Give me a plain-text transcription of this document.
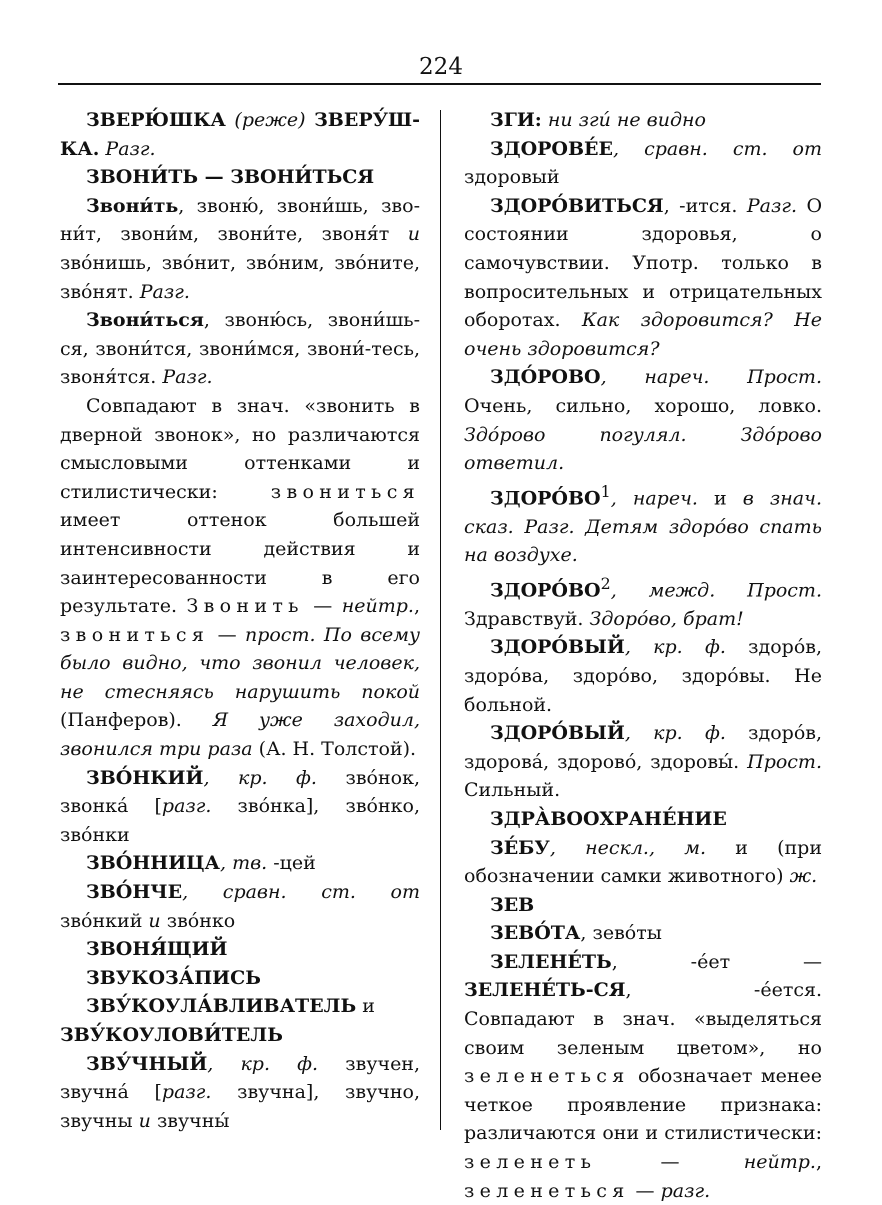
224

ЗВЕРЮ́ШКА (реже) ЗВЕРУ́Ш- КА. Разг.

ЗВОНИ́ТЬ — ЗВОНИ́ТЬСЯ

Звони́ть, звоню́, звони́шь, зво-ни́т, звони́м, звони́те, звоня́т и зво́нишь, зво́нит, зво́ним, зво́ните, зво́нят. Разг.

Звони́ться, звоню́сь, звони́шь-ся, звони́тся, звони́мся, звони́-тесь, звоня́тся. Разг.

Совпадают в знач. «звонить в дверной звонок», но различаются смысловыми оттенками и стилистически:	звониться имеет оттенок большей интенсивности действия и заинтересованности в его результате. Звонить — нейтр., звониться — прост. По всему было видно, что звонил человек, не стесняясь нарушить покой (Панферов). Я уже заходил, звонился три раза (А. Н. Толстой).

ЗВО́НКИЙ, кр. ф. зво́нок, звонка́ [разг. зво́нка], зво́нко, зво́нки

ЗВО́ННИЦА, тв. -цей

ЗВО́НЧЕ, сравн. ст. от зво́нкий и зво́нко

ЗВОНЯ́ЩИЙ

ЗВУКОЗА́ПИСЬ

ЗВУ́КОУЛА́ВЛИВАТЕЛЬ и ЗВУ́КОУЛОВИ́ТЕЛЬ

ЗВУ́ЧНЫЙ, кр. ф. звучен, звучна́ [разг. звучна], звучно, звучны и звучны́

ЗГИ: ни зги́ не видно

ЗДОРОВЕ́Е, сравн. ст. от здоровый

ЗДОРО́ВИТЬСЯ, -ится. Разг. О состоянии здоровья, о самочувствии. Употр. только в вопросительных и отрицательных оборотах. Как здоровится? Не очень здоровится?

ЗДО́РОВО, нареч. Прост. Очень, сильно, хорошо, ловко. Здо́рово погулял. Здо́рово ответил.

$ЗДОРО́ВО^1$, нареч. и в знач. сказ. Разг. Детям здоро́во спать на воздухе.

$ЗДОРО́ВО^2$, межд. Прост. Здравствуй. Здоро́во, брат!

ЗДОРО́ВЫЙ, кр. ф. здоро́в, здоро́ва, здоро́во, здоро́вы. Не больной.

ЗДОРО́ВЫЙ, кр. ф. здоро́в, здорова́, здорово́, здоровы́. Прост. Сильный.

ЗДРА̀ВООХРАНЕ́НИЕ

ЗЕ́БУ, нескл., м. и (при обозначении самки животного) ж.

ЗЕВ

ЗЕВО́ТА, зево́ты

ЗЕЛЕНЕ́ТЬ, -е́ет — ЗЕЛЕНЕ́ТЬ-СЯ, -е́ется. Совпадают в знач. «выделяться своим зеленым цветом», но зеленеться обозначает менее четкое проявление признака: различаются они и стилистически: зеленеть — нейтр., зеленеться — разг.
